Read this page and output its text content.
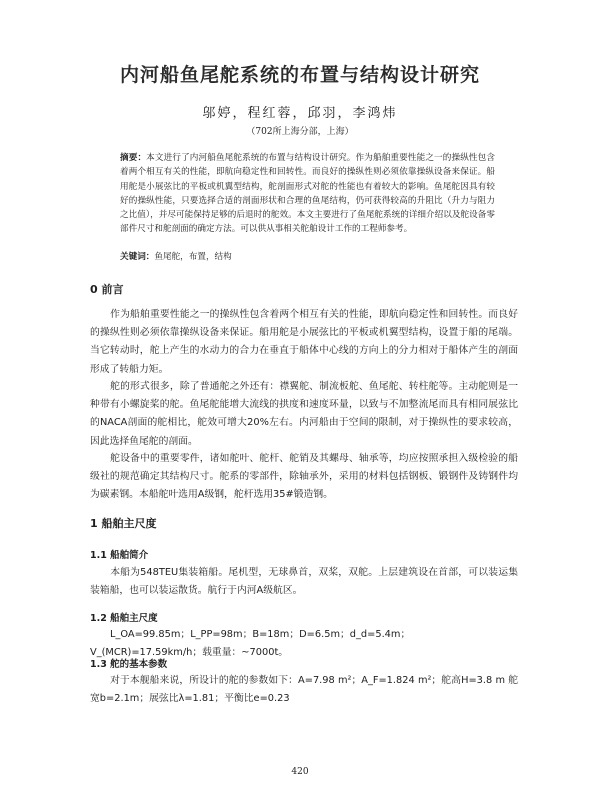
内河船鱼尾舵系统的布置与结构设计研究
邬婷，程红蓉，邱羽，李鸿炜
（702所上海分部，上海）
摘要：本文进行了内河船鱼尾舵系统的布置与结构设计研究。作为船舶重要性能之一的操纵性包含着两个相互有关的性能，即航向稳定性和回转性。而良好的操纵性则必须依靠操纵设备来保证。船用舵是小展弦比的平板或机翼型结构，舵剖面形式对舵的性能也有着较大的影响。鱼尾舵因具有较好的操纵性能，只要选择合适的剖面形状和合理的鱼尾结构，仍可获得较高的升阻比（升力与阻力之比值），并尽可能保持足够的后退时的舵效。本文主要进行了鱼尾舵系统的详细介绍以及舵设备零部件尺寸和舵剖面的确定方法。可以供从事相关舵舶设计工作的工程师参考。
关键词：鱼尾舵，布置，结构
0 前言
作为船舶重要性能之一的操纵性包含着两个相互有关的性能，即航向稳定性和回转性。而良好的操纵性则必须依靠操纵设备来保证。船用舵是小展弦比的平板或机翼型结构，设置于船的尾端。当它转动时，舵上产生的水动力的合力在垂直于船体中心线的方向上的分力相对于船体产生的剖面形成了转船力矩。
舵的形式很多，除了普通舵之外还有：襟翼舵、制流板舵、鱼尾舵、转柱舵等。主动舵则是一种带有小螺旋桨的舵。鱼尾舵能增大流线的拱度和速度环量，以致与不加整流尾而具有相同展弦比的NACA剖面的舵相比，舵效可增大20%左右。内河船由于空间的限制，对于操纵性的要求较高，因此选择鱼尾舵的剖面。
舵设备中的重要零件，诸如舵叶、舵杆、舵销及其螺母、轴承等，均应按照承担入级检验的船级社的规范确定其结构尺寸。舵系的零部件，除轴承外，采用的材料包括钢板、锻钢件及铸钢件均为碳素钢。本船舵叶选用A级钢，舵杆选用35#锻造钢。
1 船舶主尺度
1.1 船舶简介
本船为548TEU集装箱船。尾机型，无球鼻首，双桨，双舵。上层建筑设在首部，可以装运集装箱船，也可以装运散货。航行于内河A级航区。
1.2 船舶主尺度
L_OA=99.85m；L_PP=98m；B=18m；D=6.5m；d_d=5.4m；V_(MCR)=17.59km/h；载重量：~7000t。
1.3 舵的基本参数
对于本舰船来说，所设计的舵的参数如下：A=7.98 m²；A_F=1.824 m²；舵高H=3.8 m 舵宽b=2.1m；展弦比λ=1.81；平衡比e=0.23
420
